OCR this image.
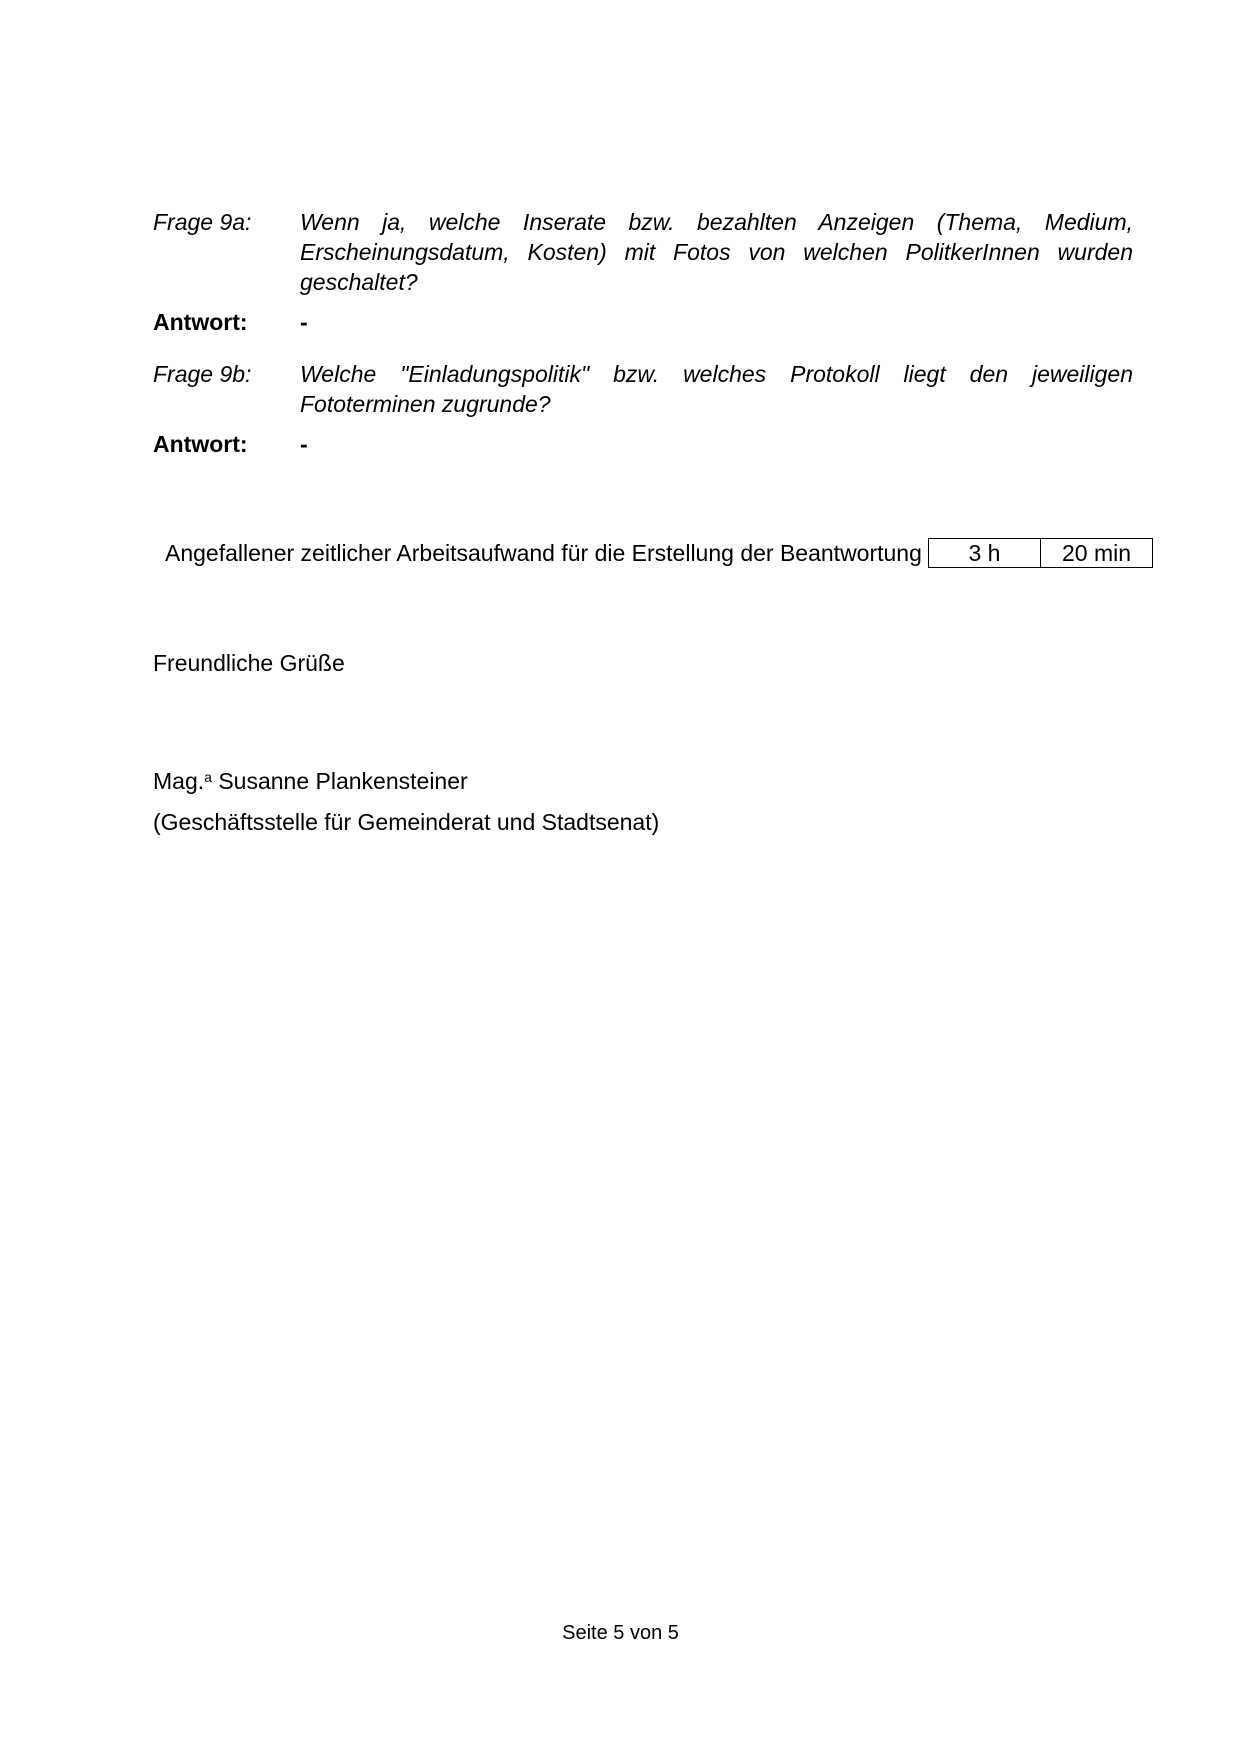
Frage 9a:	Wenn ja, welche Inserate bzw. bezahlten Anzeigen (Thema, Medium, Erscheinungsdatum, Kosten) mit Fotos von welchen PolitkerInnen wurden geschaltet?
Antwort:	-
Frage 9b:	Welche "Einladungspolitik" bzw. welches Protokoll liegt den jeweiligen Fototerminen zugrunde?
Antwort:	-
Angefallener zeitlicher Arbeitsaufwand für die Erstellung der Beantwortung	3 h	20 min
Freundliche Grüße
Mag.$^a$ Susanne Plankensteiner
(Geschäftsstelle für Gemeinderat und Stadtsenat)
Seite 5 von 5
